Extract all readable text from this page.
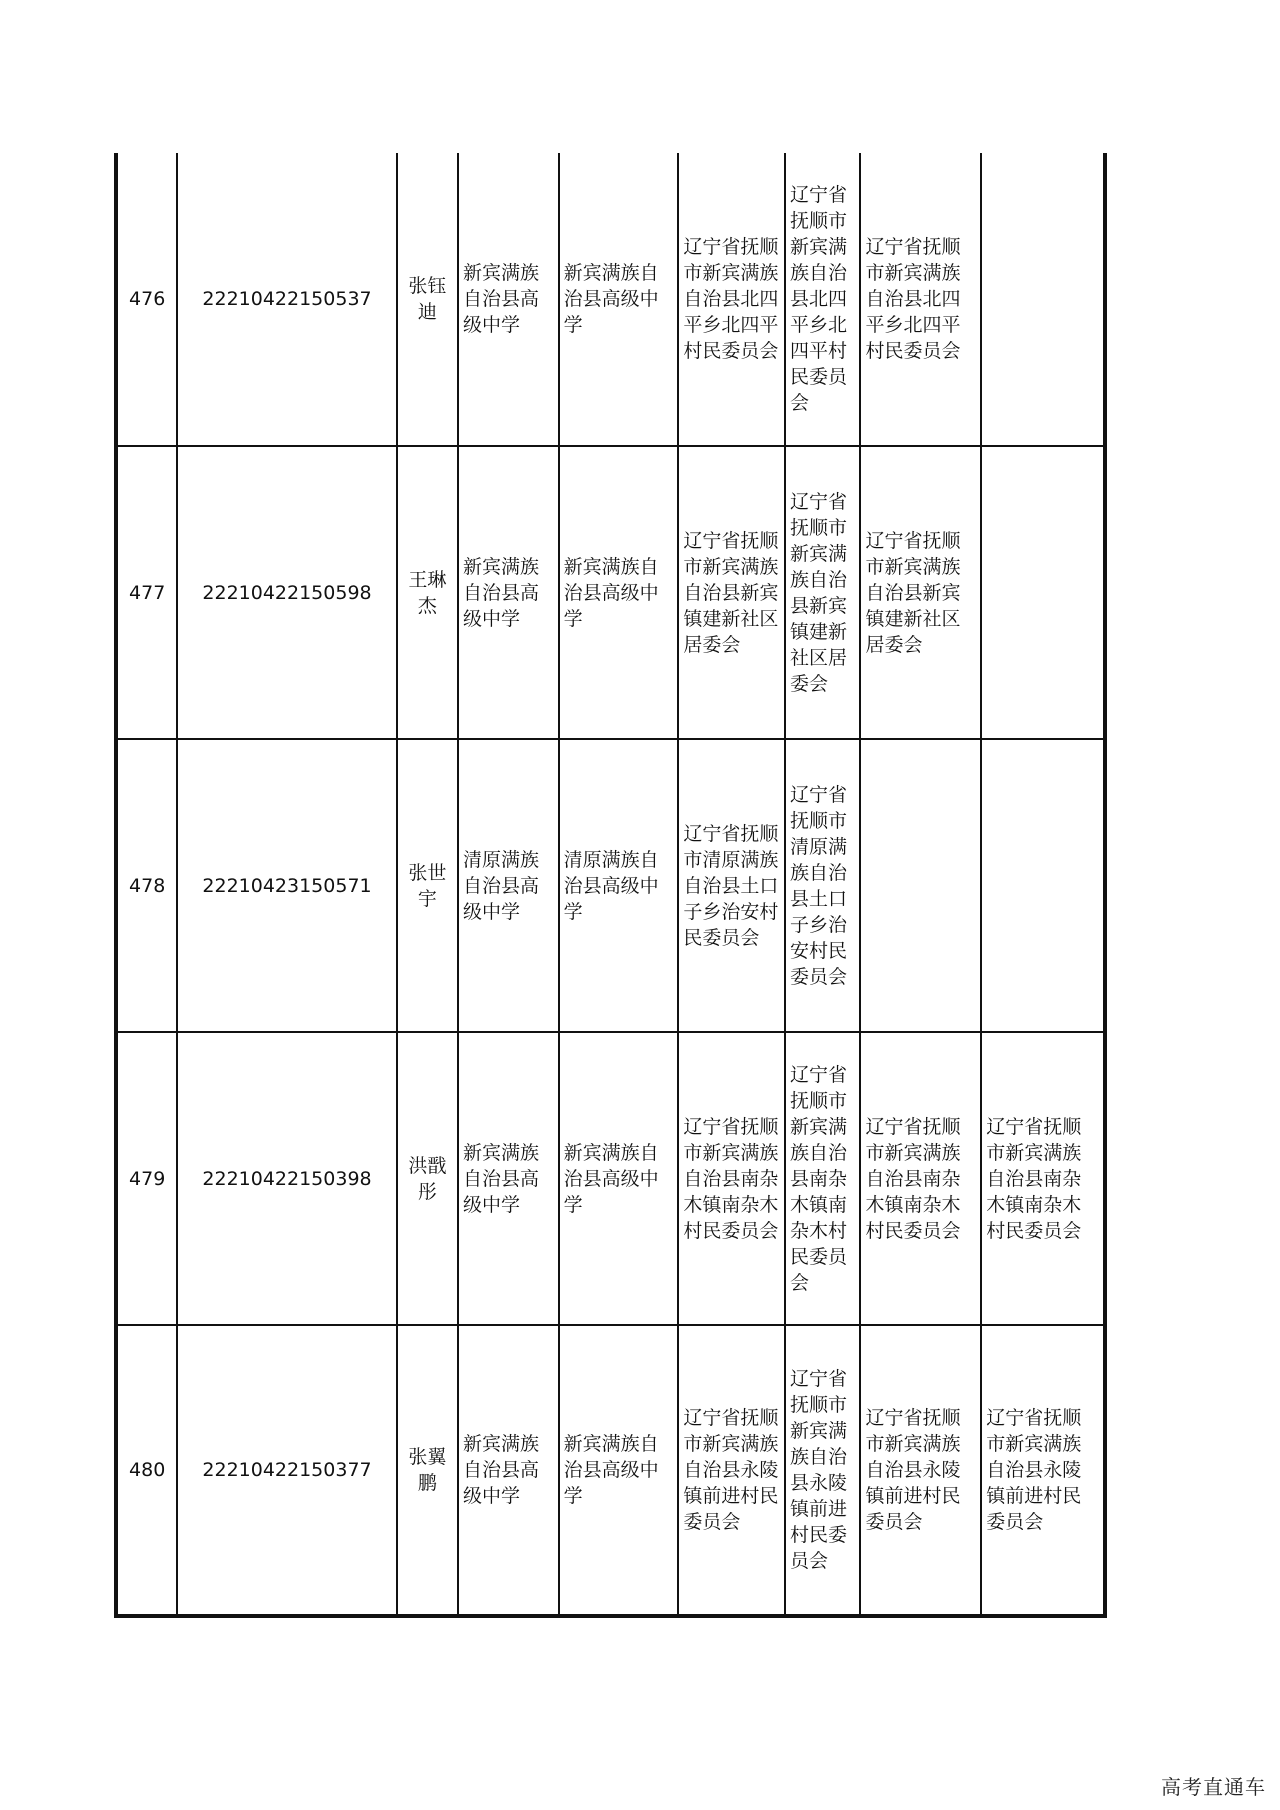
476	22210422150537	张钰迪	新宾满族自治县高级中学	新宾满族自治县高级中学	辽宁省抚顺市新宾满族自治县北四平乡北四平村民委员会	辽宁省抚顺市新宾满族自治县北四平乡北四平村民委员会	辽宁省抚顺市新宾满族自治县北四平乡北四平村民委员会	
477	22210422150598	王琳杰	新宾满族自治县高级中学	新宾满族自治县高级中学	辽宁省抚顺市新宾满族自治县新宾镇建新社区居委会	辽宁省抚顺市新宾满族自治县新宾镇建新社区居委会	辽宁省抚顺市新宾满族自治县新宾镇建新社区居委会	
478	22210423150571	张世宇	清原满族自治县高级中学	清原满族自治县高级中学	辽宁省抚顺市清原满族自治县土口子乡治安村民委员会	辽宁省抚顺市清原满族自治县土口子乡治安村民委员会		
479	22210422150398	洪戬彤	新宾满族自治县高级中学	新宾满族自治县高级中学	辽宁省抚顺市新宾满族自治县南杂木镇南杂木村民委员会	辽宁省抚顺市新宾满族自治县南杂木镇南杂木村民委员会	辽宁省抚顺市新宾满族自治县南杂木镇南杂木村民委员会	辽宁省抚顺市新宾满族自治县南杂木镇南杂木村民委员会
480	22210422150377	张翼鹏	新宾满族自治县高级中学	新宾满族自治县高级中学	辽宁省抚顺市新宾满族自治县永陵镇前进村民委员会	辽宁省抚顺市新宾满族自治县永陵镇前进村民委员会	辽宁省抚顺市新宾满族自治县永陵镇前进村民委员会	辽宁省抚顺市新宾满族自治县永陵镇前进村民委员会
高考直通车
